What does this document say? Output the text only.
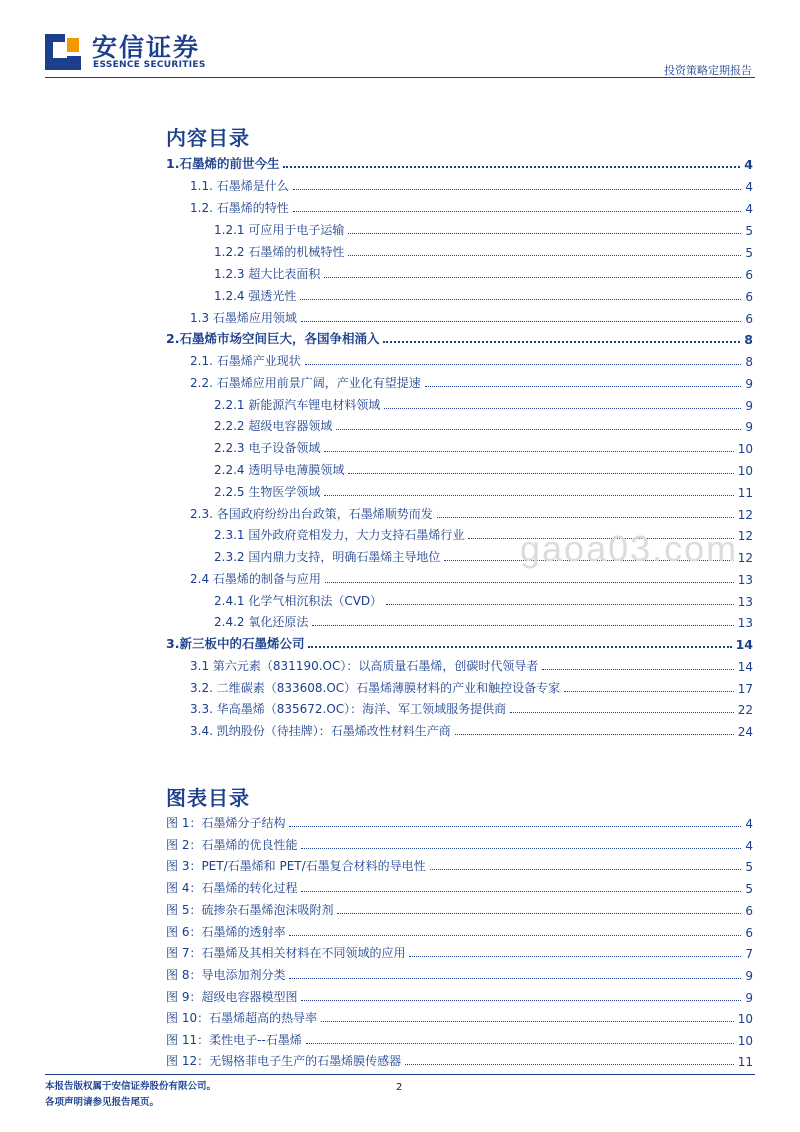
安信证券
ESSENCE SECURITIES	投资策略定期报告
内容目录
1.石墨烯的前世今生	4
1.1. 石墨烯是什么	4
1.2. 石墨烯的特性	4
1.2.1 可应用于电子运输	5
1.2.2 石墨烯的机械特性	5
1.2.3 超大比表面积	6
1.2.4 强透光性	6
1.3 石墨烯应用领域	6
2.石墨烯市场空间巨大，各国争相涌入	8
2.1. 石墨烯产业现状	8
2.2. 石墨烯应用前景广阔，产业化有望提速	9
2.2.1 新能源汽车锂电材料领域	9
2.2.2 超级电容器领域	9
2.2.3 电子设备领域	10
2.2.4 透明导电薄膜领域	10
2.2.5 生物医学领域	11
2.3. 各国政府纷纷出台政策，石墨烯顺势而发	12
2.3.1 国外政府竞相发力，大力支持石墨烯行业	12
2.3.2 国内鼎力支持，明确石墨烯主导地位	12
2.4 石墨烯的制备与应用	13
2.4.1 化学气相沉积法（CVD）	13
2.4.2 氧化还原法	13
3.新三板中的石墨烯公司	14
3.1 第六元素（831190.OC）：以高质量石墨烯，创碳时代领导者	14
3.2. 二维碳素（833608.OC）石墨烯薄膜材料的产业和触控设备专家	17
3.3. 华高墨烯（835672.OC）：海洋、军工领域服务提供商	22
3.4. 凯纳股份（待挂牌）：石墨烯改性材料生产商	24
gaoa03.com
图表目录
图 1：石墨烯分子结构	4
图 2：石墨烯的优良性能	4
图 3：PET/石墨烯和 PET/石墨复合材料的导电性	5
图 4：石墨烯的转化过程	5
图 5：硫掺杂石墨烯泡沫吸附剂	6
图 6：石墨烯的透射率	6
图 7：石墨烯及其相关材料在不同领域的应用	7
图 8：导电添加剂分类	9
图 9：超级电容器模型图	9
图 10：石墨烯超高的热导率	10
图 11：柔性电子--石墨烯	10
图 12：无锡格菲电子生产的石墨烯膜传感器	11
本报告版权属于安信证券股份有限公司。
各项声明请参见报告尾页。
2
